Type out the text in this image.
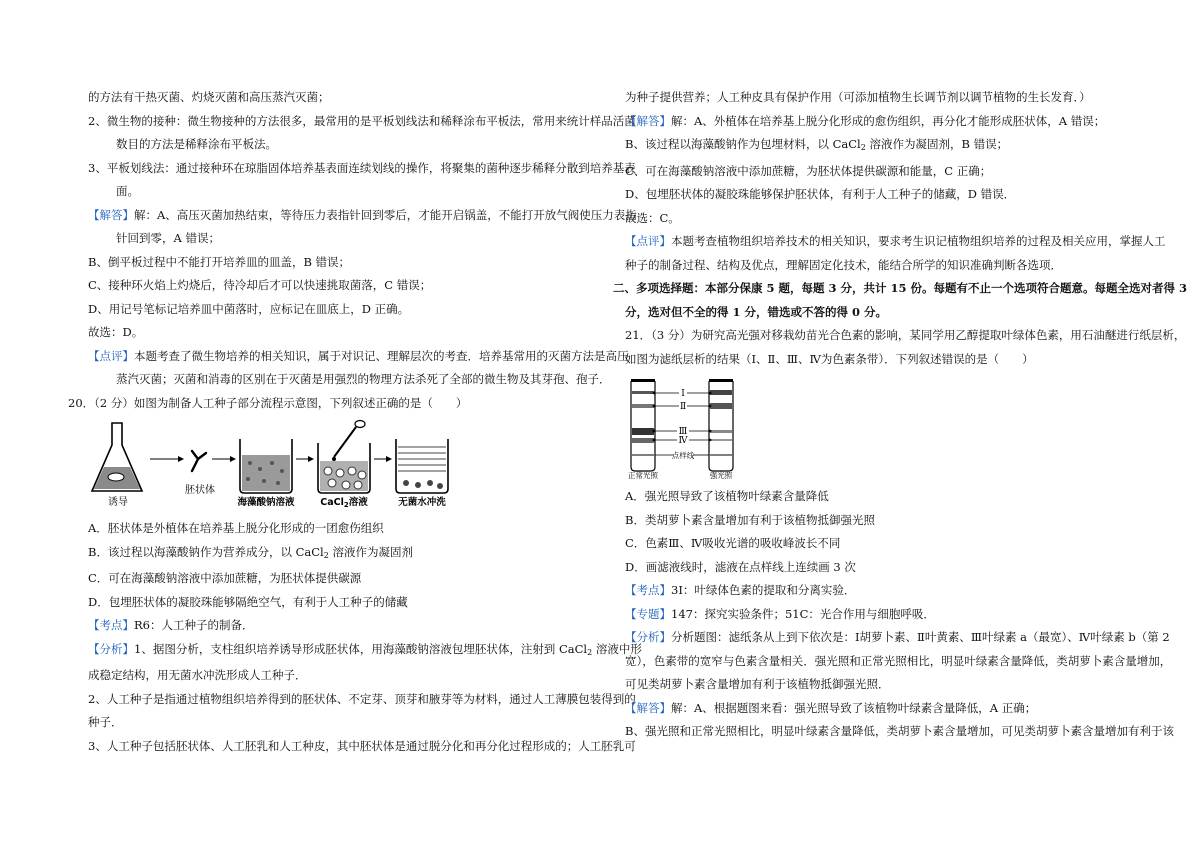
的方法有干热灭菌、灼烧灭菌和高压蒸汽灭菌；
2、微生物的接种：微生物接种的方法很多，最常用的是平板划线法和稀释涂布平板法，常用来统计样品活菌
数目的方法是稀释涂布平板法。
3、平板划线法：通过接种环在琼脂固体培养基表面连续划线的操作，将聚集的菌种逐步稀释分散到培养基表
面。
【解答】解：A、高压灭菌加热结束，等待压力表指针回到零后，才能开启锅盖，不能打开放气阀使压力表指
针回到零，A 错误；
B、倒平板过程中不能打开培养皿的皿盖，B 错误；
C、接种环火焰上灼烧后，待冷却后才可以快速挑取菌落，C 错误；
D、用记号笔标记培养皿中菌落时，应标记在皿底上，D 正确。
故选：D。
【点评】本题考查了微生物培养的相关知识，属于对识记、理解层次的考查．培养基常用的灭菌方法是高压
蒸汽灭菌；灭菌和消毒的区别在于灭菌是用强烈的物理方法杀死了全部的微生物及其芽孢、孢子．
20．（2 分）如图为制备人工种子部分流程示意图，下列叙述正确的是（　　）
诱导
胚状体
海藻酸钠溶液	CaCl$_2$溶液	无菌水冲洗
A．胚状体是外植体在培养基上脱分化形成的一团愈伤组织
B．该过程以海藻酸钠作为营养成分，以 CaCl$_2$ 溶液作为凝固剂
C．可在海藻酸钠溶液中添加蔗糖，为胚状体提供碳源
D．包埋胚状体的凝胶珠能够隔绝空气，有利于人工种子的储藏
【考点】R6：人工种子的制备．
【分析】1、据图分析，支柱组织培养诱导形成胚状体，用海藻酸钠溶液包埋胚状体，注射到 CaCl$_2$ 溶液中形
成稳定结构，用无菌水冲洗形成人工种子．
2、人工种子是指通过植物组织培养得到的胚状体、不定芽、顶芽和腋芽等为材料，通过人工薄膜包装得到的
种子．
3、人工种子包括胚状体、人工胚乳和人工种皮，其中胚状体是通过脱分化和再分化过程形成的；人工胚乳可
为种子提供营养；人工种皮具有保护作用（可添加植物生长调节剂以调节植物的生长发育．）
【解答】解：A、外植体在培养基上脱分化形成的愈伤组织，再分化才能形成胚状体，A 错误；
B、该过程以海藻酸钠作为包埋材料，以 CaCl$_2$ 溶液作为凝固剂，B 错误；
C、可在海藻酸钠溶液中添加蔗糖，为胚状体提供碳源和能量，C 正确；
D、包埋胚状体的凝胶珠能够保护胚状体，有利于人工种子的储藏，D 错误．
故选：C。
【点评】本题考查植物组织培养技术的相关知识，要求考生识记植物组织培养的过程及相关应用，掌握人工
种子的制备过程、结构及优点，理解固定化技术，能结合所学的知识准确判断各选项．
二、多项选择题：本部分保康 5 题，每题 3 分，共计 15 份。每题有不止一个选项符合题意。每题全选对者得 3
分，选对但不全的得 1 分，错选或不答的得 0 分。
21．（3 分）为研究高光强对移栽幼苗光合色素的影响，某同学用乙醇提取叶绿体色素，用石油醚进行纸层析，
如图为滤纸层析的结果（Ⅰ、Ⅱ、Ⅲ、Ⅳ为色素条带）．下列叙述错误的是（　　）
Ⅰ
Ⅱ
Ⅲ
Ⅳ
点样线
正常光照	强光照
A．强光照导致了该植物叶绿素含量降低
B．类胡萝卜素含量增加有利于该植物抵御强光照
C．色素Ⅲ、Ⅳ吸收光谱的吸收峰波长不同
D．画滤液线时，滤液在点样线上连续画 3 次
【考点】3I：叶绿体色素的提取和分离实验．
【专题】147：探究实验条件；51C：光合作用与细胞呼吸．
【分析】分析题图：滤纸条从上到下依次是：Ⅰ胡萝卜素、Ⅱ叶黄素、Ⅲ叶绿素 a（最宽）、Ⅳ叶绿素 b（第 2
宽），色素带的宽窄与色素含量相关．强光照和正常光照相比，明显叶绿素含量降低，类胡萝卜素含量增加，
可见类胡萝卜素含量增加有利于该植物抵御强光照．
【解答】解：A、根据题图来看：强光照导致了该植物叶绿素含量降低，A 正确；
B、强光照和正常光照相比，明显叶绿素含量降低，类胡萝卜素含量增加，可见类胡萝卜素含量增加有利于该
